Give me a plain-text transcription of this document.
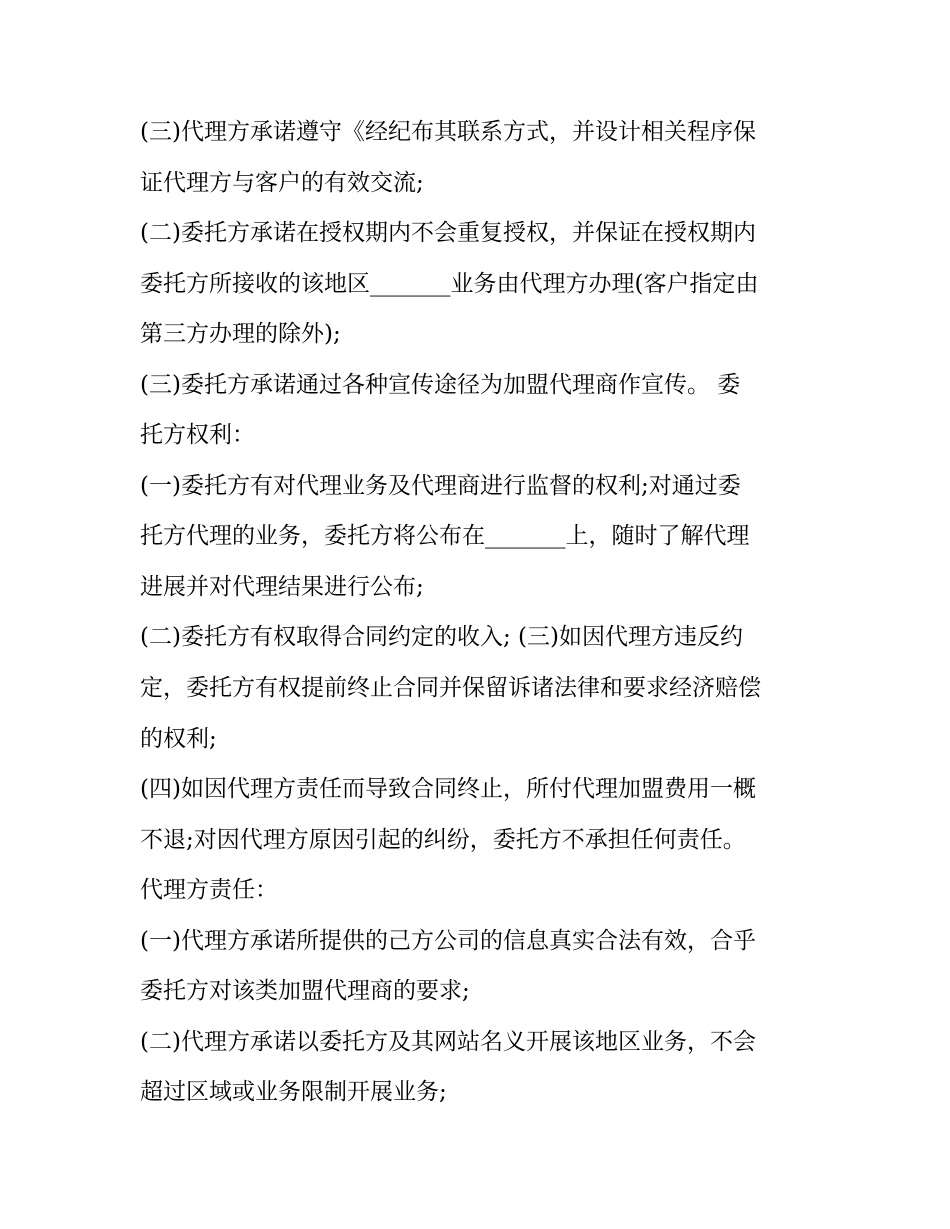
(三)代理方承诺遵守《经纪布其联系方式，并设计相关程序保
证代理方与客户的有效交流;
(二)委托方承诺在授权期内不会重复授权，并保证在授权期内
委托方所接收的该地区_______业务由代理方办理(客户指定由
第三方办理的除外);
(三)委托方承诺通过各种宣传途径为加盟代理商作宣传。 委
托方权利：
(一)委托方有对代理业务及代理商进行监督的权利;对通过委
托方代理的业务，委托方将公布在_______上，随时了解代理
进展并对代理结果进行公布;
(二)委托方有权取得合同约定的收入; (三)如因代理方违反约
定，委托方有权提前终止合同并保留诉诸法律和要求经济赔偿
的权利;
(四)如因代理方责任而导致合同终止，所付代理加盟费用一概
不退;对因代理方原因引起的纠纷，委托方不承担任何责任。
代理方责任：
(一)代理方承诺所提供的己方公司的信息真实合法有效，合乎
委托方对该类加盟代理商的要求;
(二)代理方承诺以委托方及其网站名义开展该地区业务，不会
超过区域或业务限制开展业务;
